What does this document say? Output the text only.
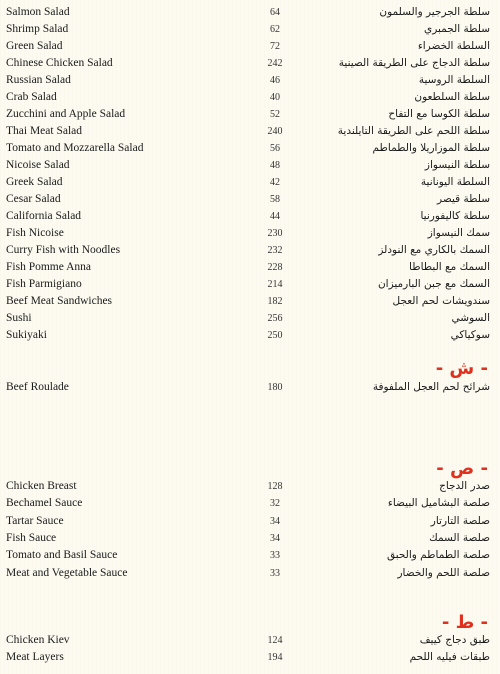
Salmon Salad	64	سلطة الجرجير والسلمون
Shrimp Salad	62	سلطة الجمبري
Green Salad	72	السلطة الخضراء
Chinese Chicken Salad	242	سلطة الدجاج على الطريقة الصينية
Russian Salad	46	السلطة الروسية
Crab Salad	40	سلطة السلطعون
Zucchini and Apple Salad	52	سلطة الكوسا مع التفاح
Thai Meat Salad	240	سلطة اللحم على الطريقة التايلندية
Tomato and Mozzarella Salad	56	سلطة الموزاريلا والطماطم
Nicoise Salad	48	سلطة النيسواز
Greek Salad	42	السلطة اليونانية
Cesar Salad	58	سلطة قيصر
California Salad	44	سلطة كاليفورنيا
Fish Nicoise	230	سمك النيسواز
Curry Fish with Noodles	232	السمك بالكاري مع النودلز
Fish Pomme Anna	228	السمك مع البطاطا
Fish Parmigiano	214	السمك مع جبن البارميزان
Beef Meat Sandwiches	182	سندويشات لحم العجل
Sushi	256	السوشي
Sukiyaki	250	سوكياكي
- ش -
Beef Roulade	180	شرائح لحم العجل الملفوفة
- ص -
Chicken Breast	128	صدر الدجاج
Bechamel Sauce	32	صلصة البشاميل البيضاء
Tartar Sauce	34	صلصة التارتار
Fish Sauce	34	صلصة السمك
Tomato and Basil Sauce	33	صلصة الطماطم والحبق
Meat and Vegetable Sauce	33	صلصة اللحم والخضار
- ط -
Chicken Kiev	124	طبق دجاج كييف
Meat Layers	194	طبقات فيليه اللحم
